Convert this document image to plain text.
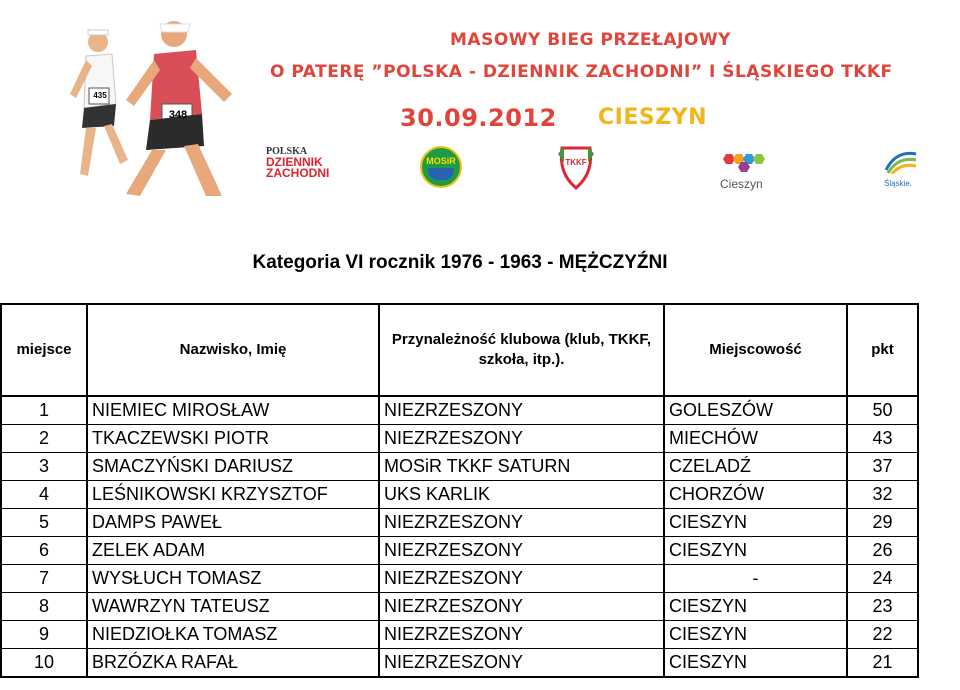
435
348
MASOWY BIEG PRZEŁAJOWY
O PATERĘ ”POLSKA - DZIENNIK ZACHODNI” I ŚLĄSKIEGO TKKF
30.09.2012 CIESZYN
POLSKA
DZIENNIK
ZACHODNI
MOSiR	TKKF
Cieszyn	Śląskie.
Kategoria VI rocznik 1976 - 1963 - MĘŻCZYŹNI
miejsce	Nazwisko, Imię	Przynależność klubowa (klub, TKKF, szkoła, itp.).	Miejscowość	pkt
1	NIEMIEC MIROSŁAW	NIEZRZESZONY	GOLESZÓW	50
2	TKACZEWSKI PIOTR	NIEZRZESZONY	MIECHÓW	43
3	SMACZYŃSKI DARIUSZ	MOSiR TKKF SATURN	CZELADŹ	37
4	LEŚNIKOWSKI KRZYSZTOF	UKS KARLIK	CHORZÓW	32
5	DAMPS PAWEŁ	NIEZRZESZONY	CIESZYN	29
6	ZELEK ADAM	NIEZRZESZONY	CIESZYN	26
7	WYSŁUCH TOMASZ	NIEZRZESZONY	-	24
8	WAWRZYN TATEUSZ	NIEZRZESZONY	CIESZYN	23
9	NIEDZIOŁKA TOMASZ	NIEZRZESZONY	CIESZYN	22
10	BRZÓZKA RAFAŁ	NIEZRZESZONY	CIESZYN	21
